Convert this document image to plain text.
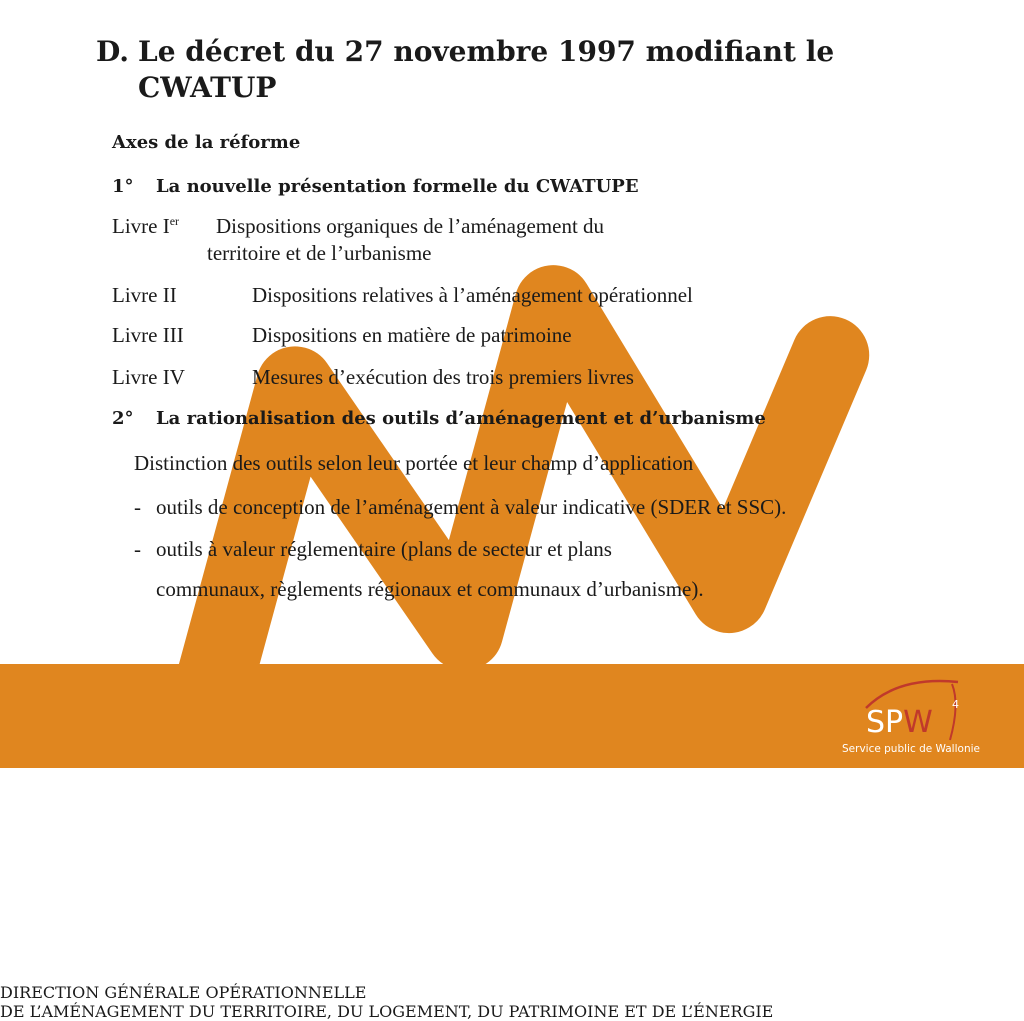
D. Le décret du 27 novembre 1997 modifiant le CWATUP
Axes de la réforme
1° La nouvelle présentation formelle du CWATUPE
Livre Ier Dispositions organiques de l’aménagement du
territoire et de l’urbanisme
Livre II	Dispositions relatives à l’aménagement opérationnel
Livre III	Dispositions en matière de patrimoine
Livre IV	Mesures d’exécution des trois premiers livres
2° La rationalisation des outils d’aménagement et d’urbanisme
Distinction des outils selon leur portée et leur champ d’application
- outils de conception de l’aménagement à valeur indicative (SDER et SSC).
- outils à valeur réglementaire (plans de secteur et plans
communaux, règlements régionaux et communaux d’urbanisme).
DIRECTION GÉNÉRALE OPÉRATIONNELLE
DE L’AMÉNAGEMENT DU TERRITOIRE, DU LOGEMENT, DU PATRIMOINE ET DE L’ÉNERGIE
SPW
Service public de Wallonie
4
